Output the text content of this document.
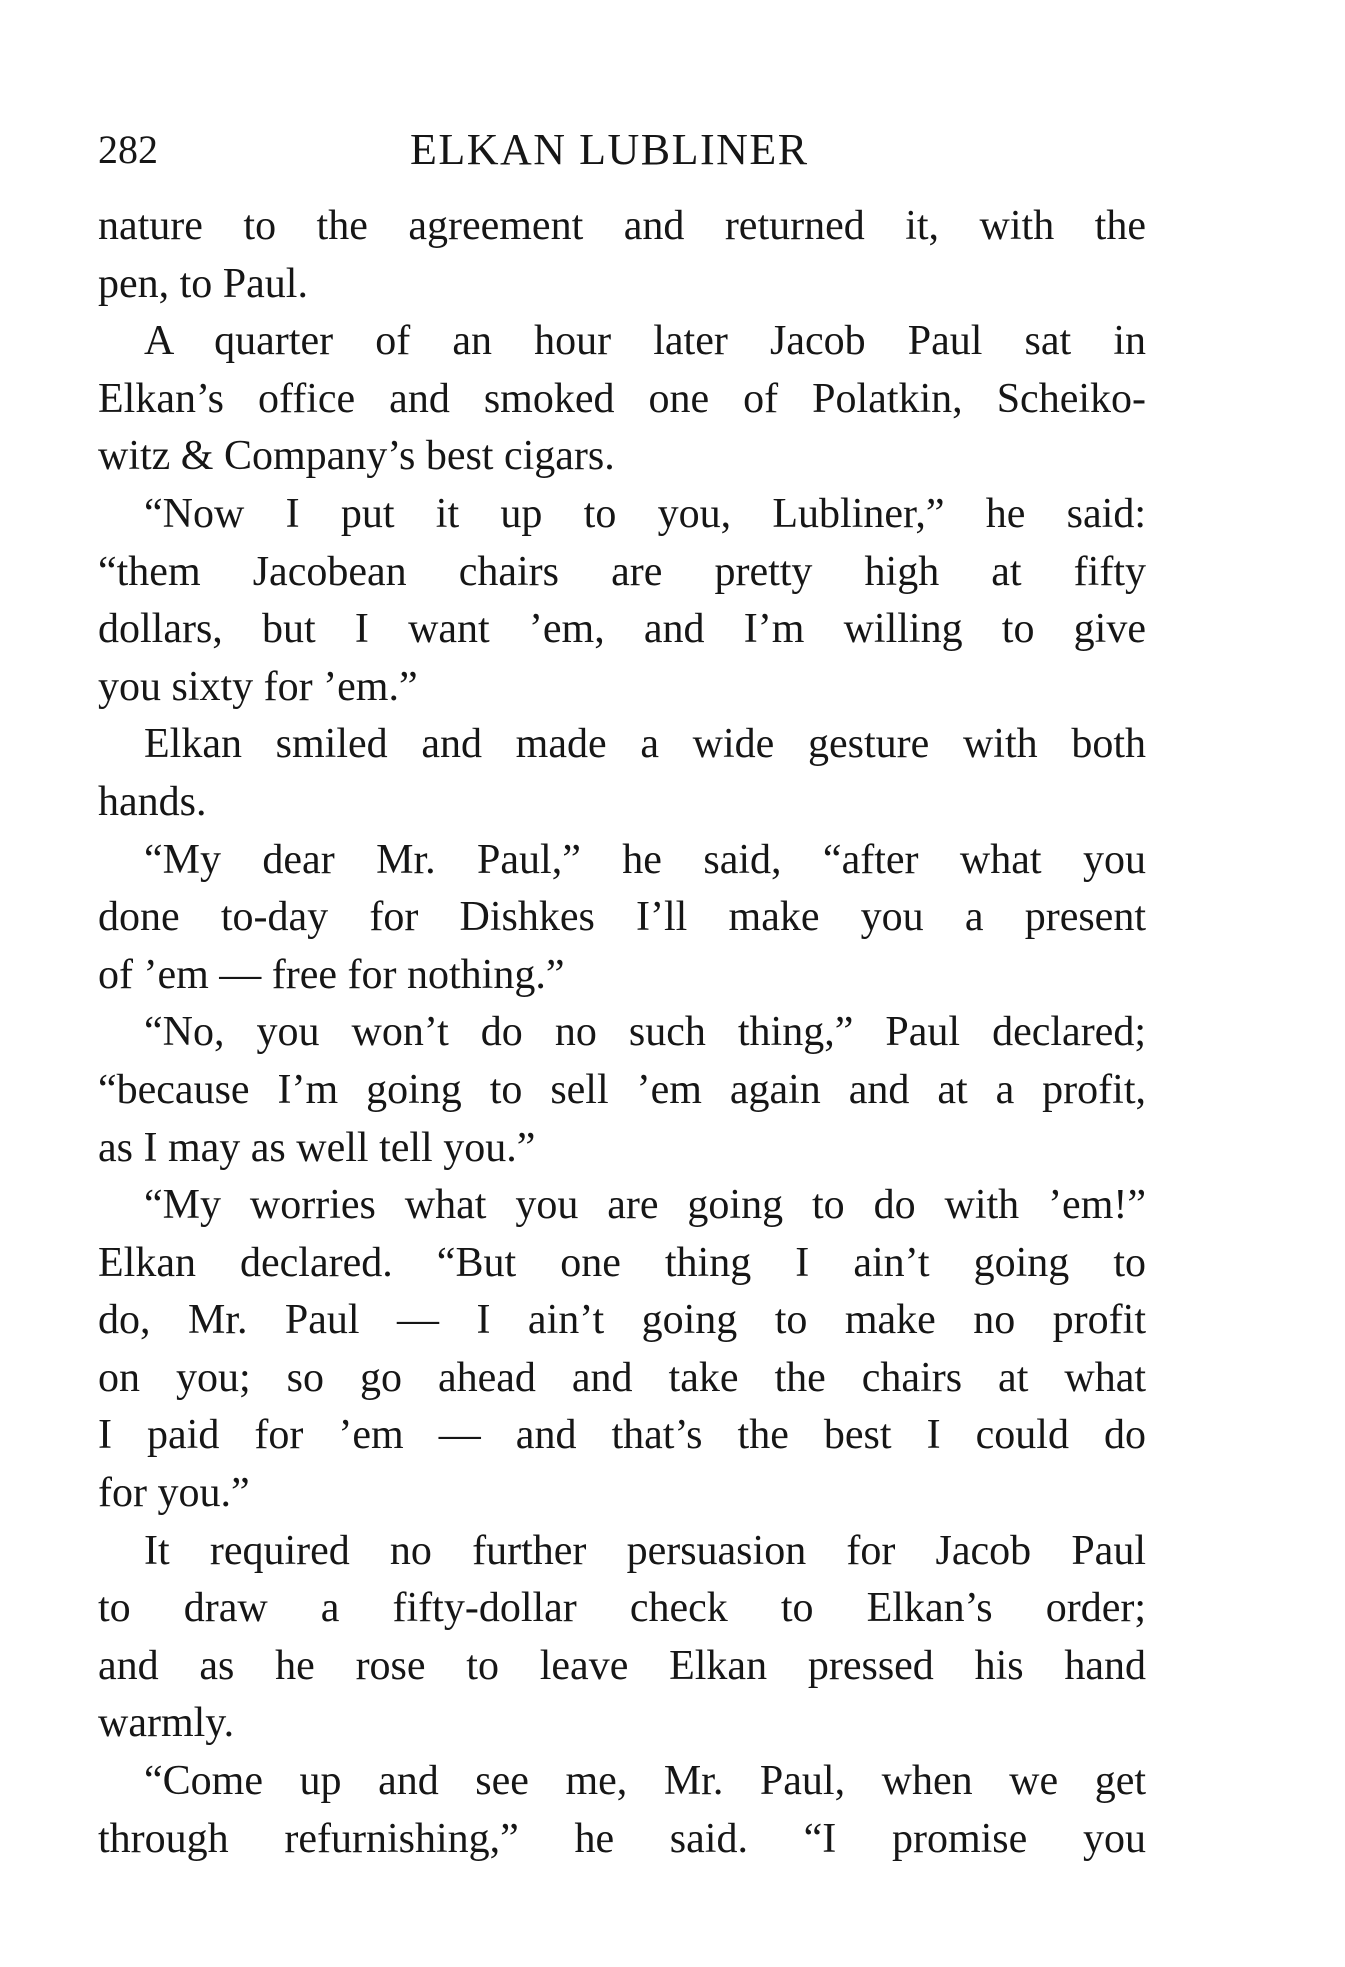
282	ELKAN LUBLINER
nature to the agreement and returned it, with the
pen, to Paul.
A quarter of an hour later Jacob Paul sat in
Elkan’s office and smoked one of Polatkin, Scheiko-
witz & Company’s best cigars.
“Now I put it up to you, Lubliner,” he said:
“them Jacobean chairs are pretty high at fifty
dollars, but I want ’em, and I’m willing to give
you sixty for ’em.”
Elkan smiled and made a wide gesture with both
hands.
“My dear Mr. Paul,” he said, “after what you
done to-day for Dishkes I’ll make you a present
of ’em — free for nothing.”
“No, you won’t do no such thing,” Paul declared;
“because I’m going to sell ’em again and at a profit,
as I may as well tell you.”
“My worries what you are going to do with ’em!”
Elkan declared. “But one thing I ain’t going to
do, Mr. Paul — I ain’t going to make no profit
on you; so go ahead and take the chairs at what
I paid for ’em — and that’s the best I could do
for you.”
It required no further persuasion for Jacob Paul
to draw a fifty-dollar check to Elkan’s order;
and as he rose to leave Elkan pressed his hand
warmly.
“Come up and see me, Mr. Paul, when we get
through refurnishing,” he said. “I promise you
